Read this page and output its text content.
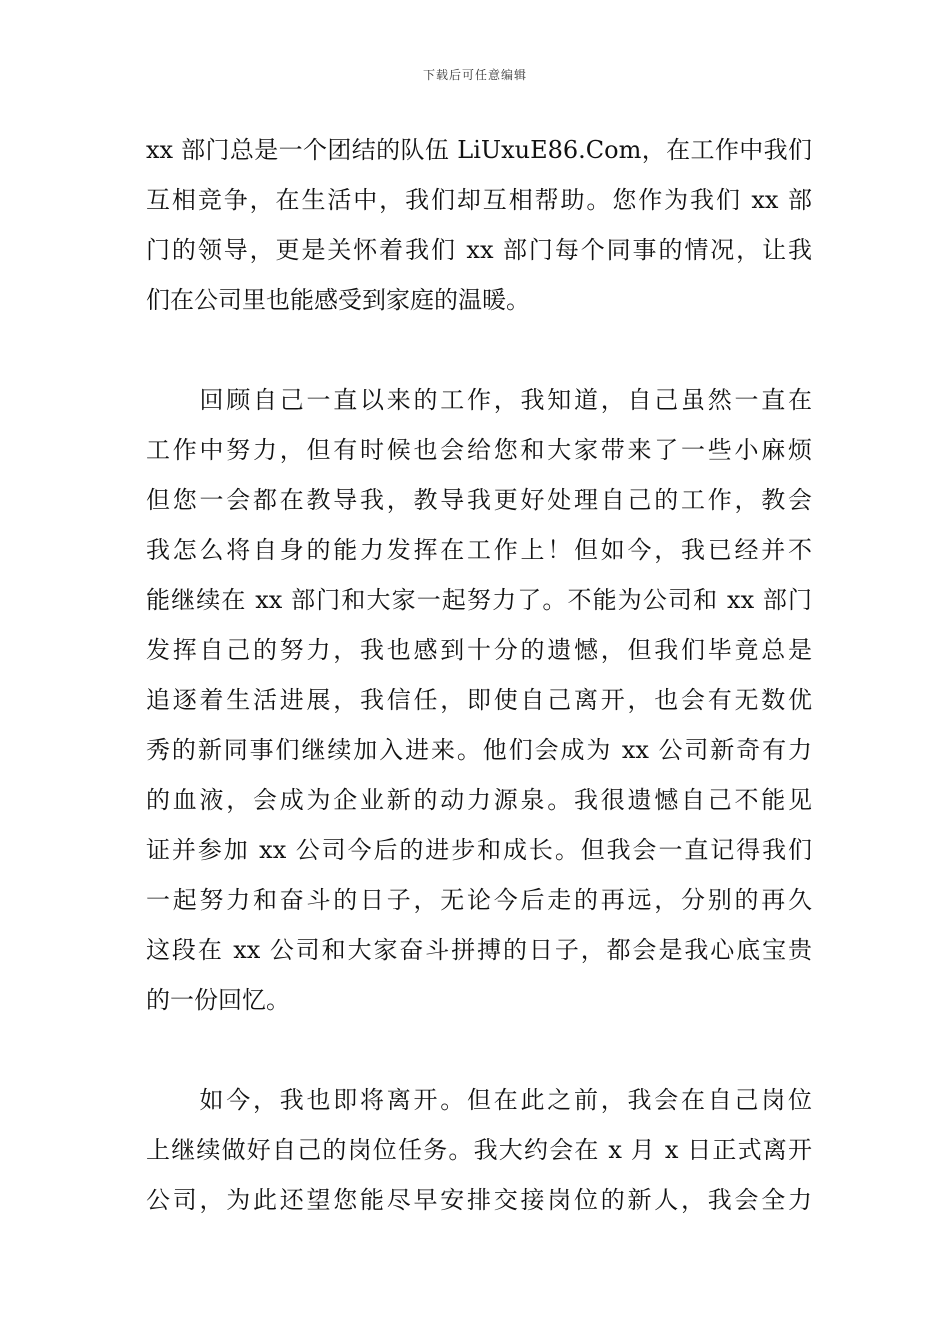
下载后可任意编辑
xx 部门总是一个团结的队伍 LiUxuE86.Com，在工作中我们
互相竞争，在生活中，我们却互相帮助。您作为我们 xx 部
门的领导，更是关怀着我们 xx 部门每个同事的情况，让我
们在公司里也能感受到家庭的温暖。
　　回顾自己一直以来的工作，我知道，自己虽然一直在
工作中努力，但有时候也会给您和大家带来了一些小麻烦
但您一会都在教导我，教导我更好处理自己的工作，教会
我怎么将自身的能力发挥在工作上！但如今，我已经并不
能继续在 xx 部门和大家一起努力了。不能为公司和 xx 部门
发挥自己的努力，我也感到十分的遗憾，但我们毕竟总是
追逐着生活进展，我信任，即使自己离开，也会有无数优
秀的新同事们继续加入进来。他们会成为 xx 公司新奇有力
的血液，会成为企业新的动力源泉。我很遗憾自己不能见
证并参加 xx 公司今后的进步和成长。但我会一直记得我们
一起努力和奋斗的日子，无论今后走的再远，分别的再久
这段在 xx 公司和大家奋斗拼搏的日子，都会是我心底宝贵
的一份回忆。
　　如今，我也即将离开。但在此之前，我会在自己岗位
上继续做好自己的岗位任务。我大约会在 x 月 x 日正式离开
公司，为此还望您能尽早安排交接岗位的新人，我会全力
